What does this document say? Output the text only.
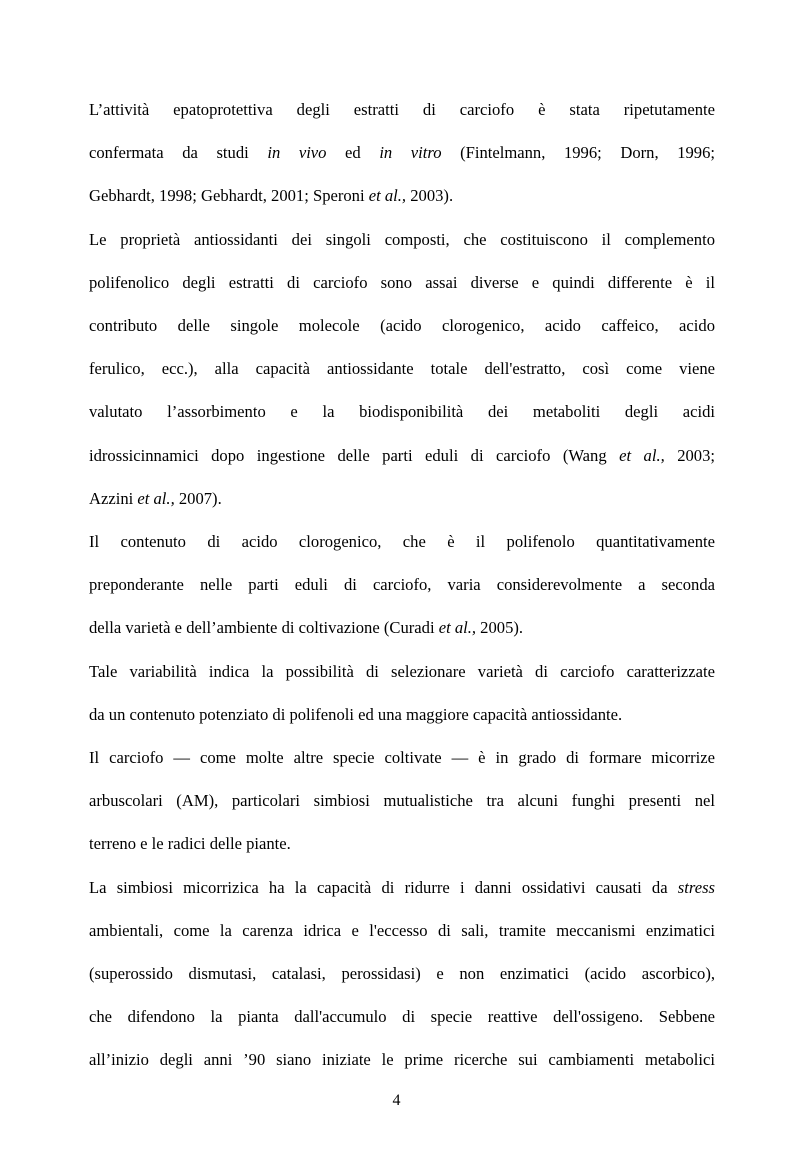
L’attività epatoprotettiva degli estratti di carciofo è stata ripetutamente
confermata da studi in vivo ed in vitro (Fintelmann, 1996; Dorn, 1996;
Gebhardt, 1998; Gebhardt, 2001; Speroni et al., 2003).
Le proprietà antiossidanti dei singoli composti, che costituiscono il complemento
polifenolico degli estratti di carciofo sono assai diverse e quindi differente è il
contributo delle singole molecole (acido clorogenico, acido caffeico, acido
ferulico, ecc.), alla capacità antiossidante totale dell'estratto, così come viene
valutato l’assorbimento e la biodisponibilità dei metaboliti degli acidi
idrossicinnamici dopo ingestione delle parti eduli di carciofo (Wang et al., 2003;
Azzini et al., 2007).
Il contenuto di acido clorogenico, che è il polifenolo quantitativamente
preponderante nelle parti eduli di carciofo, varia considerevolmente a seconda
della varietà e dell’ambiente di coltivazione (Curadi et al., 2005).
Tale variabilità indica la possibilità di selezionare varietà di carciofo caratterizzate
da un contenuto potenziato di polifenoli ed una maggiore capacità antiossidante.
Il carciofo — come molte altre specie coltivate — è in grado di formare micorrize
arbuscolari (AM), particolari simbiosi mutualistiche tra alcuni funghi presenti nel
terreno e le radici delle piante.
La simbiosi micorrizica ha la capacità di ridurre i danni ossidativi causati da stress
ambientali, come la carenza idrica e l'eccesso di sali, tramite meccanismi enzimatici
(superossido dismutasi, catalasi, perossidasi) e non enzimatici (acido ascorbico),
che difendono la pianta dall'accumulo di specie reattive dell'ossigeno. Sebbene
all’inizio degli anni ’90 siano iniziate le prime ricerche sui cambiamenti metabolici
4
